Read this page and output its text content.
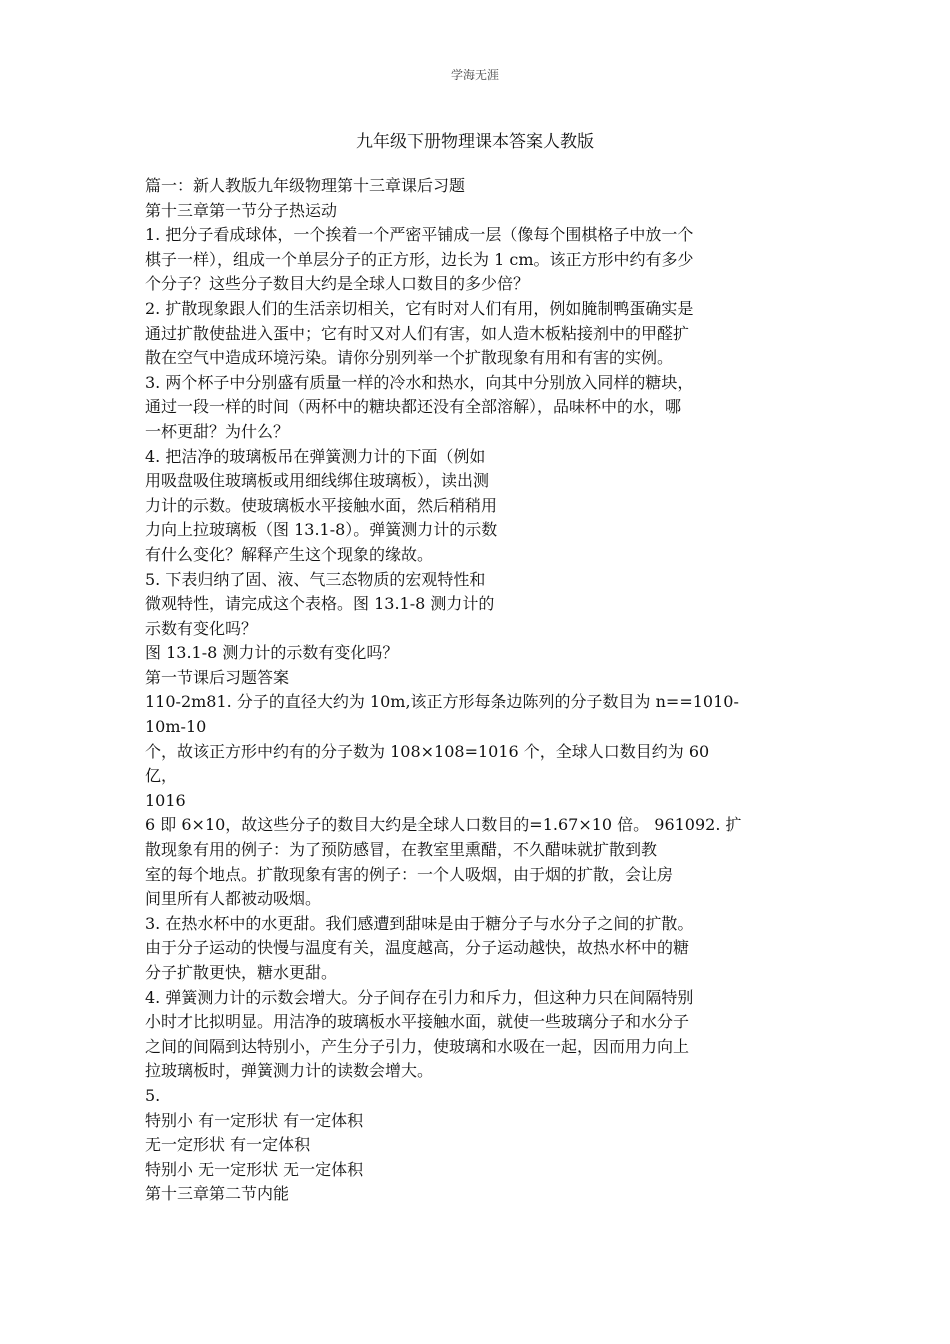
学海无涯
九年级下册物理课本答案人教版
篇一：新人教版九年级物理第十三章课后习题
第十三章第一节分子热运动
1. 把分子看成球体，一个挨着一个严密平铺成一层（像每个围棋格子中放一个
棋子一样），组成一个单层分子的正方形，边长为 1 cm。该正方形中约有多少
个分子？这些分子数目大约是全球人口数目的多少倍？
2. 扩散现象跟人们的生活亲切相关，它有时对人们有用，例如腌制鸭蛋确实是
通过扩散使盐进入蛋中；它有时又对人们有害，如人造木板粘接剂中的甲醛扩
散在空气中造成环境污染。请你分别列举一个扩散现象有用和有害的实例。
3. 两个杯子中分别盛有质量一样的冷水和热水，向其中分别放入同样的糖块，
通过一段一样的时间（两杯中的糖块都还没有全部溶解），品味杯中的水，哪
一杯更甜？为什么？
4. 把洁净的玻璃板吊在弹簧测力计的下面（例如
用吸盘吸住玻璃板或用细线绑住玻璃板），读出测
力计的示数。使玻璃板水平接触水面，然后稍稍用
力向上拉玻璃板（图 13.1-8）。弹簧测力计的示数
有什么变化？解释产生这个现象的缘故。
5. 下表归纳了固、液、气三态物质的宏观特性和
微观特性，请完成这个表格。图 13.1-8 测力计的
示数有变化吗？
图 13.1-8 测力计的示数有变化吗？
第一节课后习题答案
110-2m81. 分子的直径大约为 10m,该正方形每条边陈列的分子数目为 n==1010-
10m-10
个，故该正方形中约有的分子数为 108×108=1016 个，全球人口数目约为 60
亿，
1016
6 即 6×10，故这些分子的数目大约是全球人口数目的=1.67×10 倍。 961092. 扩
散现象有用的例子：为了预防感冒，在教室里熏醋，不久醋味就扩散到教
室的每个地点。扩散现象有害的例子：一个人吸烟，由于烟的扩散，会让房
间里所有人都被动吸烟。
3. 在热水杯中的水更甜。我们感遭到甜味是由于糖分子与水分子之间的扩散。
由于分子运动的快慢与温度有关，温度越高，分子运动越快，故热水杯中的糖
分子扩散更快，糖水更甜。
4. 弹簧测力计的示数会增大。分子间存在引力和斥力，但这种力只在间隔特别
小时才比拟明显。用洁净的玻璃板水平接触水面，就使一些玻璃分子和水分子
之间的间隔到达特别小，产生分子引力，使玻璃和水吸在一起，因而用力向上
拉玻璃板时，弹簧测力计的读数会增大。
5.
特别小 有一定形状 有一定体积
无一定形状 有一定体积
特别小 无一定形状 无一定体积
第十三章第二节内能
